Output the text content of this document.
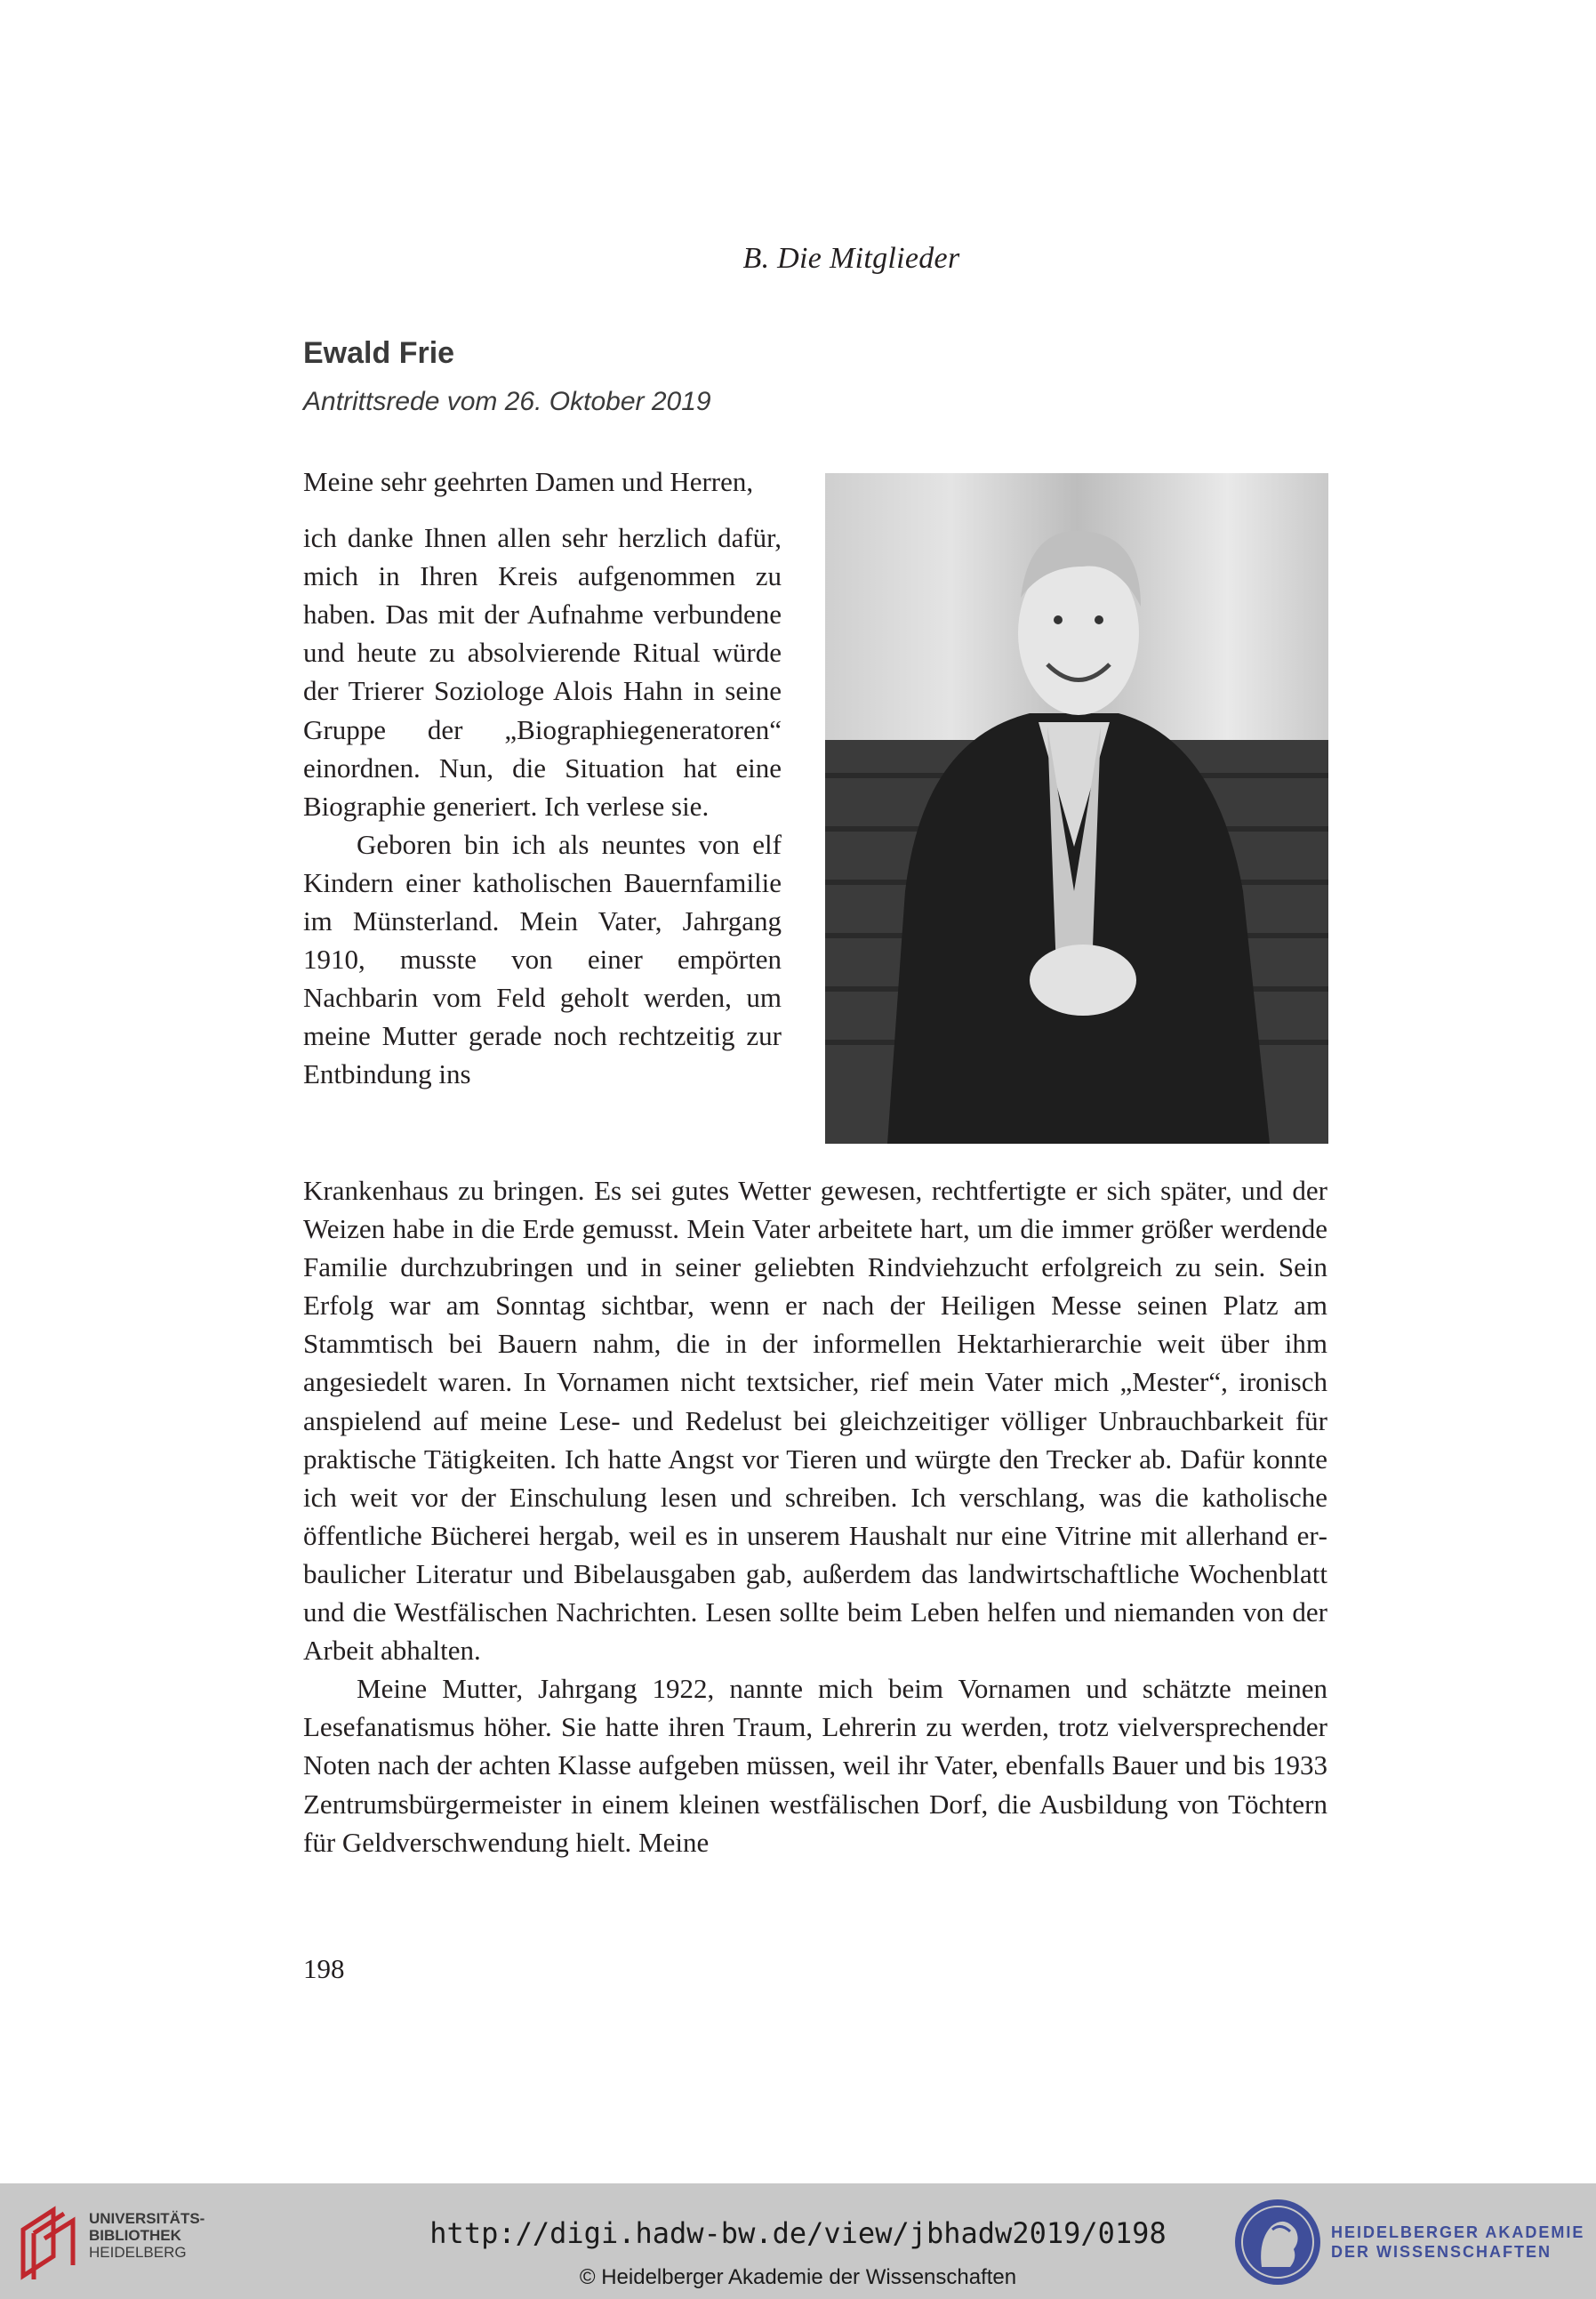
B. Die Mitglieder
Ewald Frie
Antrittsrede vom 26. Oktober 2019

Meine sehr geehrten Damen und Herren,

ich danke Ihnen allen sehr herzlich dafür, mich in Ihren Kreis aufgenommen zu haben. Das mit der Aufnahme verbundene und heute zu absolvierende Ritual würde der Trierer Soziologe Alois Hahn in seine Gruppe der „Biographiegeneratoren“ einordnen. Nun, die Situation hat eine Biographie generiert. Ich verlese sie.

Geboren bin ich als neuntes von elf Kindern einer katholischen Bauernfamilie im Münsterland. Mein Vater, Jahrgang 1910, musste von einer empörten Nachbarin vom Feld geholt werden, um meine Mutter gerade noch rechtzeitig zur Entbindung ins

Krankenhaus zu bringen. Es sei gutes Wetter gewesen, rechtfertigte er sich später, und der Weizen habe in die Erde gemusst. Mein Vater arbeitete hart, um die immer größer werdende Familie durchzubringen und in seiner geliebten Rindviehzucht erfolgreich zu sein. Sein Erfolg war am Sonntag sichtbar, wenn er nach der Heiligen Messe seinen Platz am Stammtisch bei Bauern nahm, die in der informellen Hektarhierarchie weit über ihm angesiedelt waren. In Vornamen nicht textsicher, rief mein Vater mich „Mester“, ironisch anspielend auf meine Lese- und Redelust bei gleichzeitiger völliger Unbrauchbarkeit für praktische Tätigkeiten. Ich hatte Angst vor Tieren und würgte den Trecker ab. Dafür konnte ich weit vor der Einschulung lesen und schreiben. Ich verschlang, was die katholische öffentliche Bücherei hergab, weil es in unserem Haushalt nur eine Vitrine mit allerhand erbaulicher Literatur und Bibelausgaben gab, außerdem das landwirtschaftliche Wochenblatt und die Westfälischen Nachrichten. Lesen sollte beim Leben helfen und niemanden von der Arbeit abhalten.

Meine Mutter, Jahrgang 1922, nannte mich beim Vornamen und schätzte meinen Lesefanatismus höher. Sie hatte ihren Traum, Lehrerin zu werden, trotz vielversprechender Noten nach der achten Klasse aufgeben müssen, weil ihr Vater, ebenfalls Bauer und bis 1933 Zentrumsbürgermeister in einem kleinen westfälischen Dorf, die Ausbildung von Töchtern für Geldverschwendung hielt. Meine

198
UNIVERSITÄTS-
BIBLIOTHEK
HEIDELBERG
http://digi.hadw-bw.de/view/jbhadw2019/0198
© Heidelberger Akademie der Wissenschaften
HEIDELBERGER AKADEMIE
DER WISSENSCHAFTEN
